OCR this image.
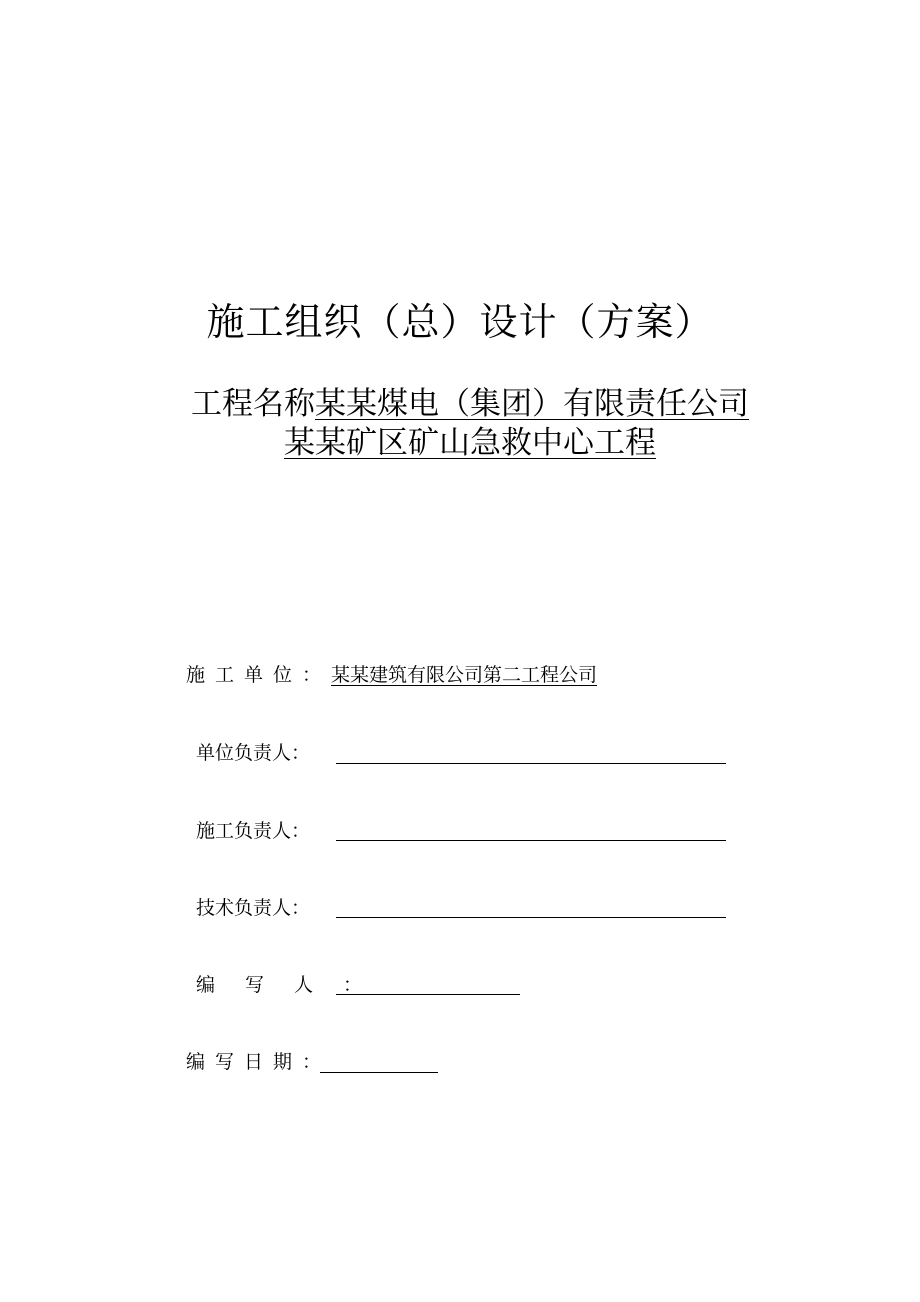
施工组织（总）设计（方案）
工程名称某某煤电（集团）有限责任公司
某某矿区矿山急救中心工程
施工单位：某某建筑有限公司第二工程公司
单位负责人：
施工负责人：
技术负责人：
编写人：
编写日期：
